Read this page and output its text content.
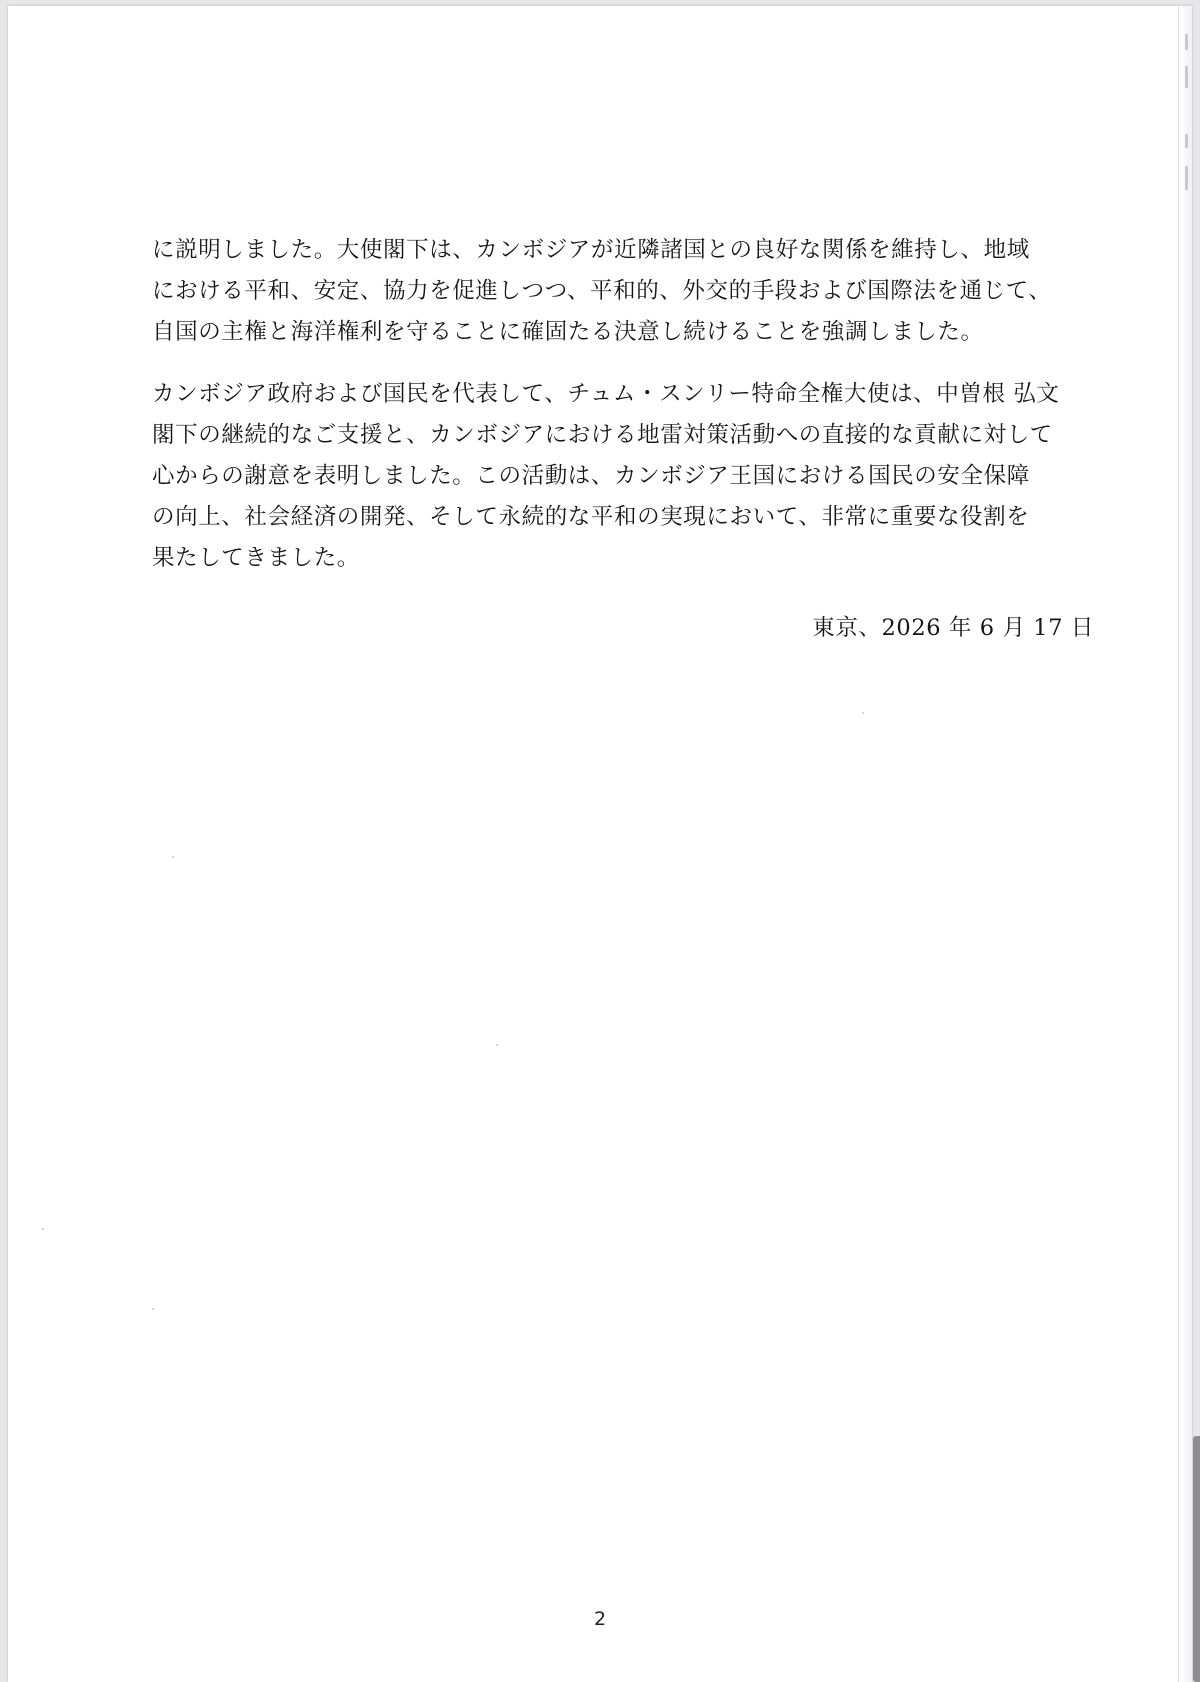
に説明しました。大使閣下は、カンボジアが近隣諸国との良好な関係を維持し、地域
における平和、安定、協力を促進しつつ、平和的、外交的手段および国際法を通じて、
自国の主権と海洋権利を守ることに確固たる決意し続けることを強調しました。

カンボジア政府および国民を代表して、チュム・スンリー特命全権大使は、中曽根 弘文
閣下の継続的なご支援と、カンボジアにおける地雷対策活動への直接的な貢献に対して
心からの謝意を表明しました。この活動は、カンボジア王国における国民の安全保障
の向上、社会経済の開発、そして永続的な平和の実現において、非常に重要な役割を
果たしてきました。

東京、2026 年 6 月 17 日
2
